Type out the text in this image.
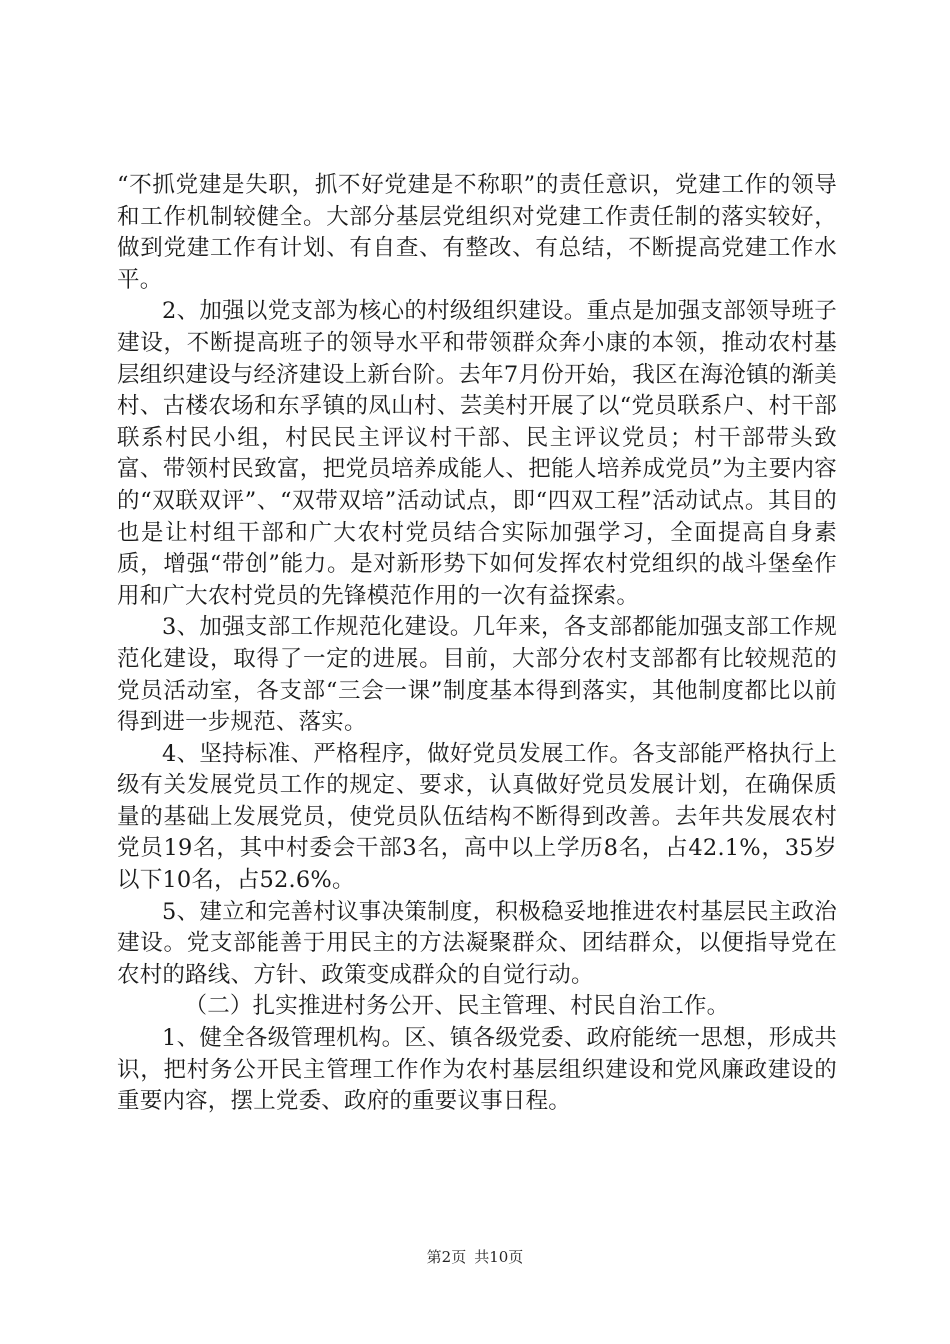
“不抓党建是失职，抓不好党建是不称职”的责任意识，党建工作的领导和工作机制较健全。大部分基层党组织对党建工作责任制的落实较好，做到党建工作有计划、有自查、有整改、有总结，不断提高党建工作水平。

2、加强以党支部为核心的村级组织建设。重点是加强支部领导班子建设，不断提高班子的领导水平和带领群众奔小康的本领，推动农村基层组织建设与经济建设上新台阶。去年7月份开始，我区在海沧镇的渐美村、古楼农场和东孚镇的凤山村、芸美村开展了以“党员联系户、村干部联系村民小组，村民民主评议村干部、民主评议党员；村干部带头致富、带领村民致富，把党员培养成能人、把能人培养成党员”为主要内容的“双联双评”、“双带双培”活动试点，即“四双工程”活动试点。其目的也是让村组干部和广大农村党员结合实际加强学习，全面提高自身素质，增强“带创”能力。是对新形势下如何发挥农村党组织的战斗堡垒作用和广大农村党员的先锋模范作用的一次有益探索。

3、加强支部工作规范化建设。几年来，各支部都能加强支部工作规范化建设，取得了一定的进展。目前，大部分农村支部都有比较规范的党员活动室，各支部“三会一课”制度基本得到落实，其他制度都比以前得到进一步规范、落实。

4、坚持标准、严格程序，做好党员发展工作。各支部能严格执行上级有关发展党员工作的规定、要求，认真做好党员发展计划，在确保质量的基础上发展党员，使党员队伍结构不断得到改善。去年共发展农村党员19名，其中村委会干部3名，高中以上学历8名，占42.1%，35岁以下10名，占52.6%。

5、建立和完善村议事决策制度，积极稳妥地推进农村基层民主政治建设。党支部能善于用民主的方法凝聚群众、团结群众，以便指导党在农村的路线、方针、政策变成群众的自觉行动。

（二）扎实推进村务公开、民主管理、村民自治工作。

1、健全各级管理机构。区、镇各级党委、政府能统一思想，形成共识，把村务公开民主管理工作作为农村基层组织建设和党风廉政建设的重要内容，摆上党委、政府的重要议事日程。

第2页 共10页
